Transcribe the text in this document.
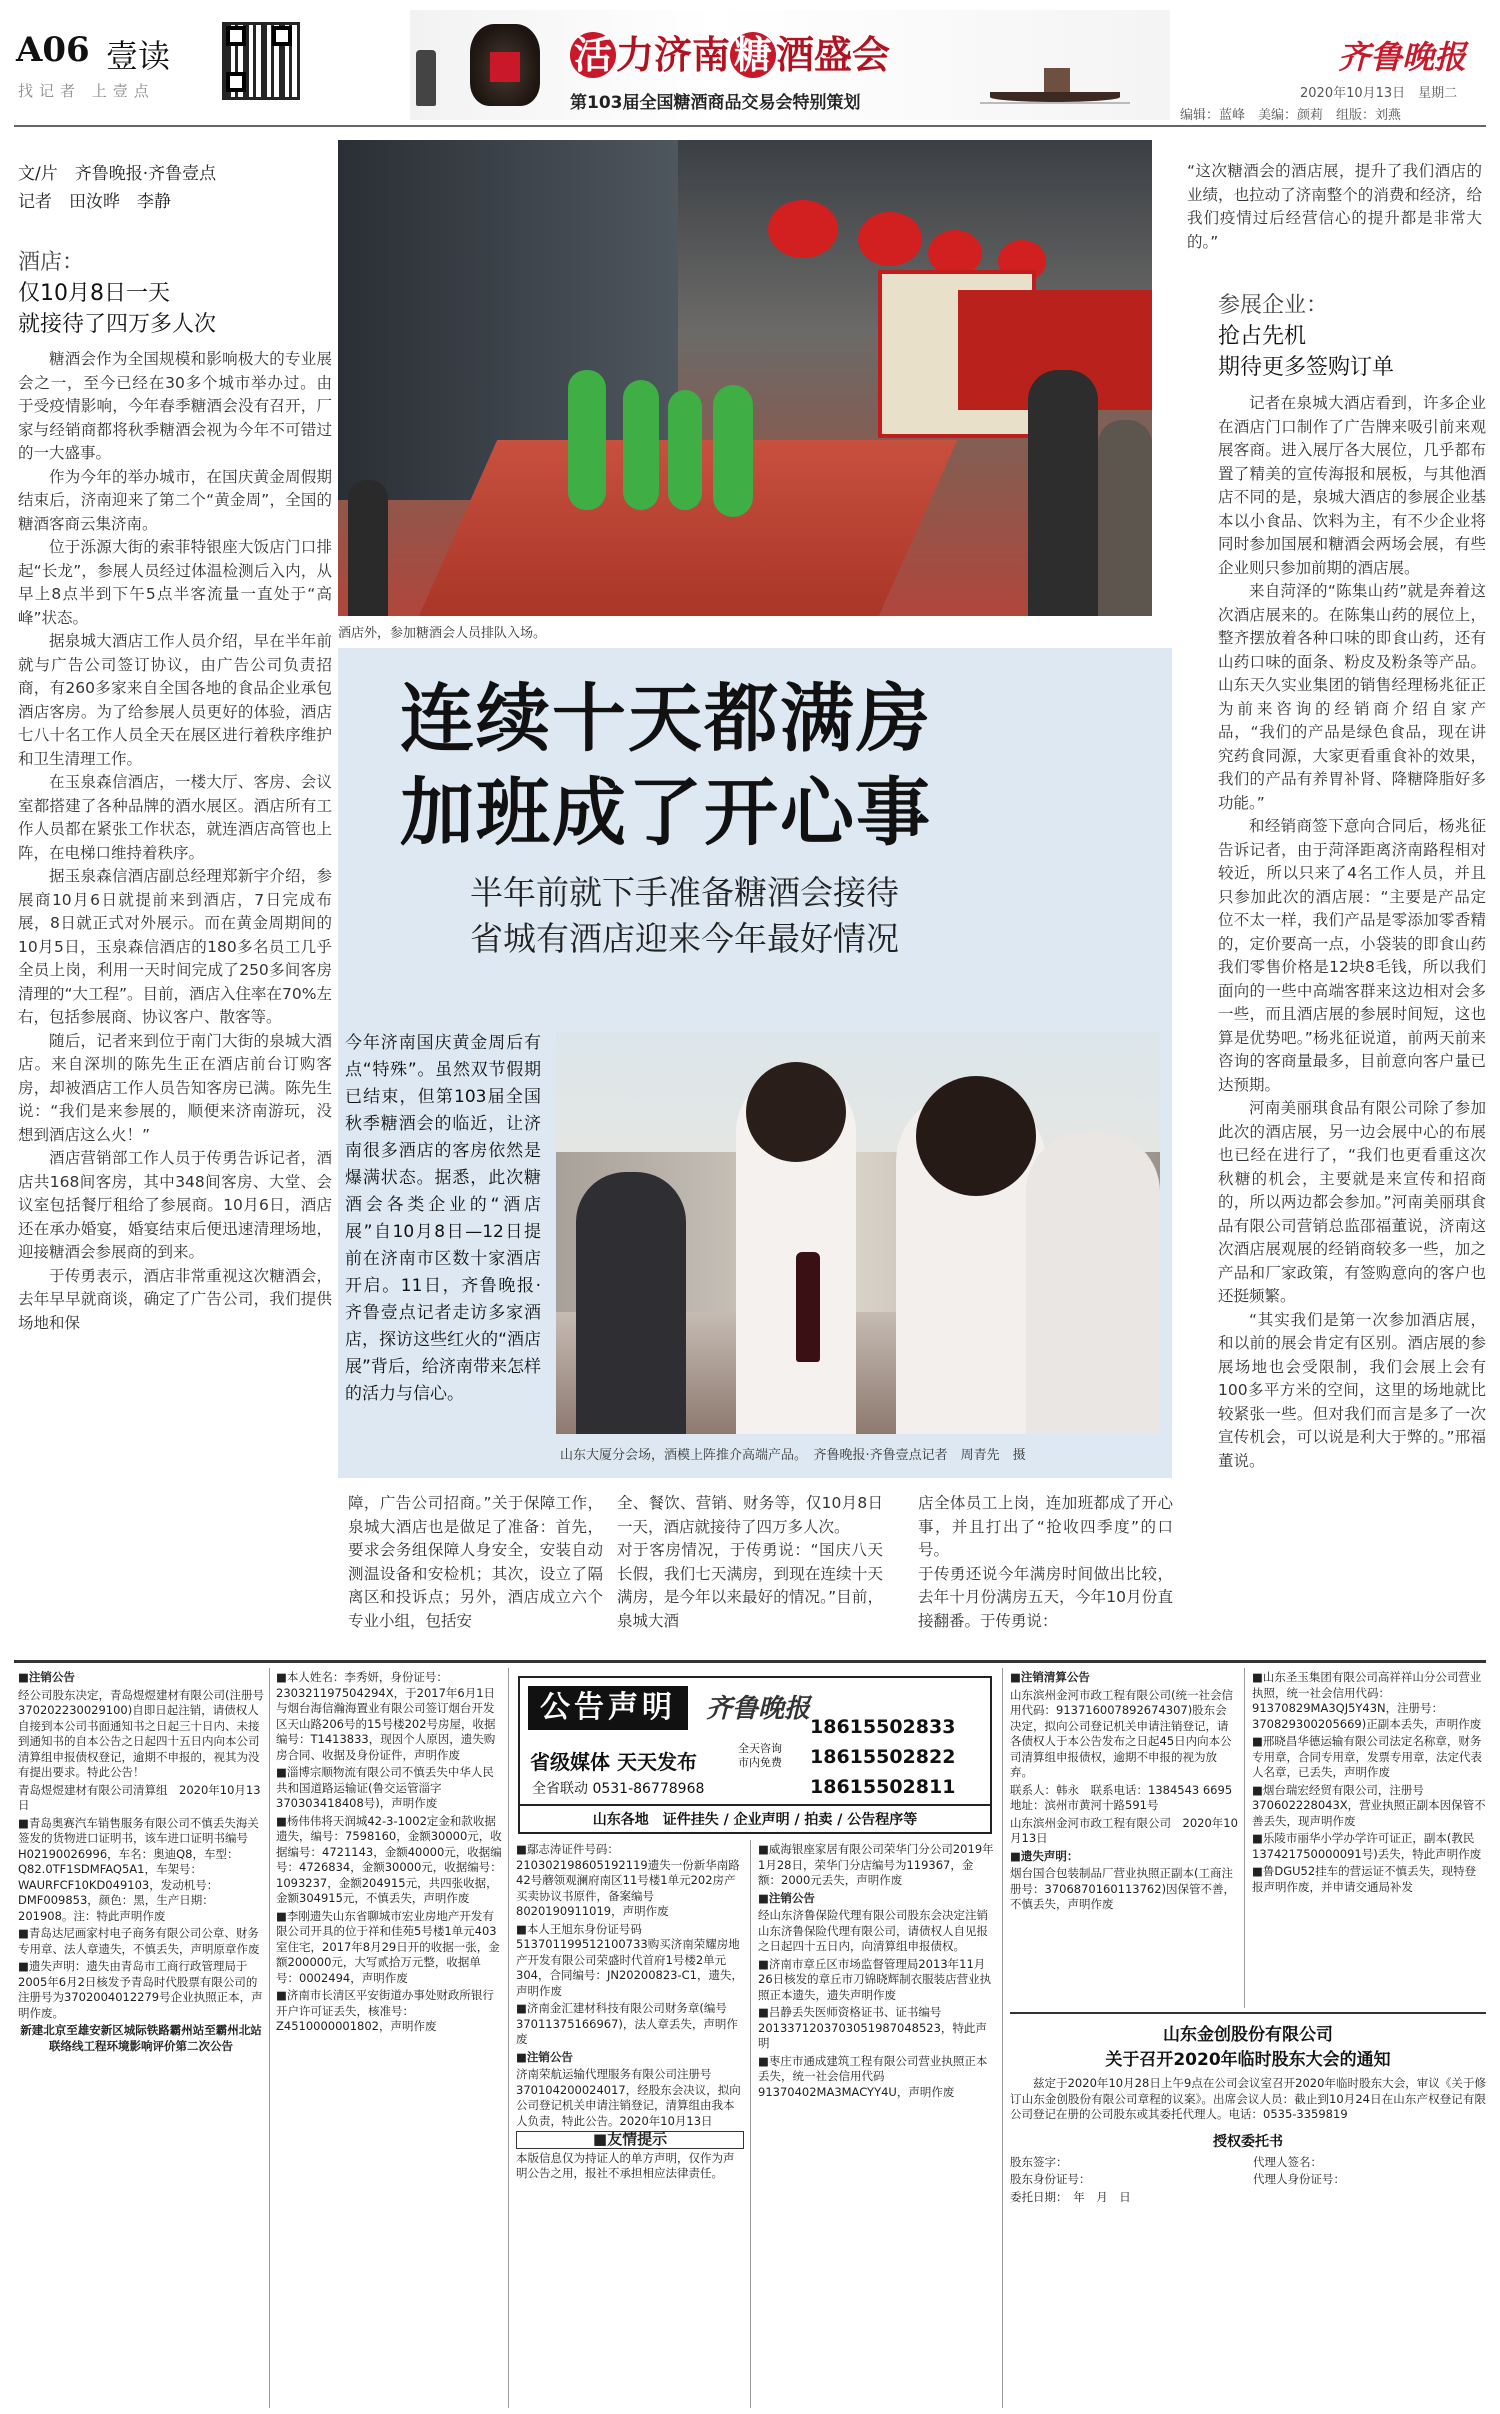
A06 壹读
找记者 上壹点
活 力济南 糖 酒盛会
第103届全国糖酒商品交易会特别策划
齐鲁晚报
2020年10月13日　星期二
编辑：蓝峰　美编：颜莉　组版：刘燕
文/片　齐鲁晚报·齐鲁壹点
记者　田汝晔　李静
酒店：
仅10月8日一天
就接待了四万多人次

糖酒会作为全国规模和影响极大的专业展会之一，至今已经在30多个城市举办过。由于受疫情影响，今年春季糖酒会没有召开，厂家与经销商都将秋季糖酒会视为今年不可错过的一大盛事。

作为今年的举办城市，在国庆黄金周假期结束后，济南迎来了第二个“黄金周”，全国的糖酒客商云集济南。

位于泺源大街的索菲特银座大饭店门口排起“长龙”，参展人员经过体温检测后入内，从早上8点半到下午5点半客流量一直处于“高峰”状态。

据泉城大酒店工作人员介绍，早在半年前就与广告公司签订协议，由广告公司负责招商，有260多家来自全国各地的食品企业承包酒店客房。为了给参展人员更好的体验，酒店七八十名工作人员全天在展区进行着秩序维护和卫生清理工作。

在玉泉森信酒店，一楼大厅、客房、会议室都搭建了各种品牌的酒水展区。酒店所有工作人员都在紧张工作状态，就连酒店高管也上阵，在电梯口维持着秩序。

据玉泉森信酒店副总经理郑新宇介绍，参展商10月6日就提前来到酒店，7日完成布展，8日就正式对外展示。而在黄金周期间的10月5日，玉泉森信酒店的180多名员工几乎全员上岗，利用一天时间完成了250多间客房清理的“大工程”。目前，酒店入住率在70%左右，包括参展商、协议客户、散客等。

随后，记者来到位于南门大街的泉城大酒店。来自深圳的陈先生正在酒店前台订购客房，却被酒店工作人员告知客房已满。陈先生说：“我们是来参展的，顺便来济南游玩，没想到酒店这么火！”

酒店营销部工作人员于传勇告诉记者，酒店共168间客房，其中348间客房、大堂、会议室包括餐厅租给了参展商。10月6日，酒店还在承办婚宴，婚宴结束后便迅速清理场地，迎接糖酒会参展商的到来。

于传勇表示，酒店非常重视这次糖酒会，去年早早就商谈，确定了广告公司，我们提供场地和保

酒店外，参加糖酒会人员排队入场。
连续十天都满房
加班成了开心事
半年前就下手准备糖酒会接待
省城有酒店迎来今年最好情况
今年济南国庆黄金周后有点“特殊”。虽然双节假期已结束，但第103届全国秋季糖酒会的临近，让济南很多酒店的客房依然是爆满状态。据悉，此次糖酒会各类企业的“酒店展”自10月8日—12日提前在济南市区数十家酒店开启。11日，齐鲁晚报·齐鲁壹点记者走访多家酒店，探访这些红火的“酒店展”背后，给济南带来怎样的活力与信心。
山东大厦分会场，酒模上阵推介高端产品。　齐鲁晚报·齐鲁壹点记者　周青先　摄

障，广告公司招商。”关于保障工作，泉城大酒店也是做足了准备：首先，要求会务组保障人身安全，安装自动测温设备和安检机；其次，设立了隔离区和投诉点；另外，酒店成立六个专业小组，包括安

全、餐饮、营销、财务等，仅10月8日一天，酒店就接待了四万多人次。
对于客房情况，于传勇说：“国庆八天长假，我们七天满房，到现在连续十天满房，是今年以来最好的情况。”目前，泉城大酒

店全体员工上岗，连加班都成了开心事，并且打出了“抢收四季度”的口号。
于传勇还说今年满房时间做出比较，去年十月份满房五天，今年10月份直接翻番。于传勇说：

“这次糖酒会的酒店展，提升了我们酒店的业绩，也拉动了济南整个的消费和经济，给我们疫情过后经营信心的提升都是非常大的。”
参展企业：
抢占先机
期待更多签购订单

记者在泉城大酒店看到，许多企业在酒店门口制作了广告牌来吸引前来观展客商。进入展厅各大展位，几乎都布置了精美的宣传海报和展板，与其他酒店不同的是，泉城大酒店的参展企业基本以小食品、饮料为主，有不少企业将同时参加国展和糖酒会两场会展，有些企业则只参加前期的酒店展。

来自菏泽的“陈集山药”就是奔着这次酒店展来的。在陈集山药的展位上，整齐摆放着各种口味的即食山药，还有山药口味的面条、粉皮及粉条等产品。山东天久实业集团的销售经理杨兆征正为前来咨询的经销商介绍自家产品，“我们的产品是绿色食品，现在讲究药食同源，大家更看重食补的效果，我们的产品有养胃补肾、降糖降脂好多功能。”

和经销商签下意向合同后，杨兆征告诉记者，由于菏泽距离济南路程相对较近，所以只来了4名工作人员，并且只参加此次的酒店展：“主要是产品定位不太一样，我们产品是零添加零香精的，定价要高一点，小袋装的即食山药我们零售价格是12块8毛钱，所以我们面向的一些中高端客群来这边相对会多一些，而且酒店展的参展时间短，这也算是优势吧。”杨兆征说道，前两天前来咨询的客商量最多，目前意向客户量已达预期。

河南美丽琪食品有限公司除了参加此次的酒店展，另一边会展中心的布展也已经在进行了，“我们也更看重这次秋糖的机会，主要就是来宣传和招商的，所以两边都会参加。”河南美丽琪食品有限公司营销总监邵福董说，济南这次酒店展观展的经销商较多一些，加之产品和厂家政策，有签购意向的客户也还挺频繁。

“其实我们是第一次参加酒店展，和以前的展会肯定有区别。酒店展的参展场地也会受限制，我们会展上会有100多平方米的空间，这里的场地就比较紧张一些。但对我们而言是多了一次宣传机会，可以说是利大于弊的。”邢福董说。

公告声明	齐鲁晚报
省级媒体 天天发布
全天咨询 市内免费
全省联动 0531-86778968
18615502833
18615502822
18615502811
山东各地　证件挂失 / 企业声明 / 拍卖 / 公告程序等

■注销公告

经公司股东决定，青岛煜煜建材有限公司(注册号 370202230029100)自即日起注销，请债权人自接到本公司书面通知书之日起三十日内、未接到通知书的自本公告之日起四十五日内向本公司清算组申报债权登记，逾期不申报的，视其为没有提出要求。特此公告！

青岛煜煜建材有限公司清算组　2020年10月13日

■青岛奥赛汽车销售服务有限公司不慎丢失海关签发的货物进口证明书，该车进口证明书编号H02190026996，车名：奥迪Q8，车型：Q82.0TF1SDMFAQ5A1，车架号：WAURFCF10KD049103，发动机号：DMF009853，颜色：黑，生产日期：201908。注：特此声明作废

■青岛达尼画家村电子商务有限公司公章、财务专用章、法人章遗失，不慎丢失，声明原章作废

■遗失声明：遗失由青岛市工商行政管理局于2005年6月2日核发予青岛时代股票有限公司的注册号为3702004012279号企业执照正本，声明作废。

新建北京至雄安新区城际铁路霸州站至霸州北站联络线工程环境影响评价第二次公告

■本人姓名：李秀妍，身份证号：230321197504294X，于2017年6月1日与烟台海信瀚海置业有限公司签订烟台开发区天山路206号的15号楼202号房屋，收据编号：T1413833，现因个人原因，遗失购房合同、收据及身份证件，声明作废

■淄博宗顺物流有限公司不慎丢失中华人民共和国道路运输证(鲁交运管淄字370303418408号)，声明作废

■杨伟伟将天润城42-3-1002定金和款收据遗失，编号：7598160，金额30000元，收据编号：4721143，金额40000元，收据编号：4726834，金额30000元，收据编号：1093237，金额204915元，共四张收据，金额304915元，不慎丢失，声明作废

■李刚遗失山东省聊城市宏业房地产开发有限公司开具的位于祥和佳苑5号楼1单元403室住宅，2017年8月29日开的收据一张，金额200000元，大写贰拾万元整，收据单号：0002494，声明作废

■济南市长清区平安街道办事处财政所银行开户许可证丢失，核准号：Z4510000001802，声明作废

■鄢志涛证件号码：210302198605192119遗失一份新华南路42号蘑领观澜府南区11号楼1单元202房产买卖协议书原件，备案编号8020190911019，声明作废

■本人王旭东身份证号码513701199512100733购买济南荣耀房地产开发有限公司荣盛时代首府1号楼2单元304，合同编号：JN20200823-C1，遗失，声明作废

■济南金汇建材科技有限公司财务章(编号37011375166967)，法人章丢失，声明作废

■注销公告

济南荣航运输代理服务有限公司注册号370104200024017，经股东会决议，拟向公司登记机关申请注销登记，清算组由我本人负责，特此公告。2020年10月13日

■友情提示

本版信息仅为持证人的单方声明，仅作为声明公告之用，报社不承担相应法律责任。

■威海银座家居有限公司荣华门分公司2019年1月28日，荣华门分店编号为119367，金额：2000元丢失，声明作废

■注销公告

经山东济鲁保险代理有限公司股东会决定注销山东济鲁保险代理有限公司，请债权人自见报之日起四十五日内，向清算组申报债权。

■济南市章丘区市场监督管理局2013年11月26日核发的章丘市刀锦晓辉制衣服装店营业执照正本遗失，遗失声明作废

■吕静丢失医师资格证书、证书编号2013371203703051987048523，特此声明

■枣庄市通成建筑工程有限公司营业执照正本丢失，统一社会信用代码91370402MA3MACYY4U，声明作废

■注销清算公告

山东滨州金河市政工程有限公司(统一社会信用代码：913716007892674307)股东会决定，拟向公司登记机关申请注销登记，请各债权人于本公告发布之日起45日内向本公司清算组申报债权，逾期不申报的视为放弃。

联系人：韩永　联系电话：1384543 6695　地址：滨州市黄河十路591号

山东滨州金河市政工程有限公司　2020年10月13日

■遗失声明：

烟台国合包装制品厂营业执照正副本(工商注册号：3706870160113762)因保管不善，不慎丢失，声明作废

■山东圣玉集团有限公司高祥祥山分公司营业执照，统一社会信用代码：91370829MA3QJ5Y43N，注册号：370829300205669)正副本丢失，声明作废

■邢晓昌华德运输有限公司法定名称章，财务专用章，合同专用章，发票专用章，法定代表人名章，已丢失，声明作废

■烟台瑞宏经贸有限公司，注册号370602228043X，营业执照正副本因保管不善丢失，现声明作废

■乐陵市丽华小学办学许可证正，副本(教民137421750000091号)丢失，特此声明作废

■鲁DGU52挂车的营运证不慎丢失，现特登报声明作废，并申请交通局补发

山东金创股份有限公司
关于召开2020年临时股东大会的通知
兹定于2020年10月28日上午9点在公司会议室召开2020年临时股东大会，审议《关于修订山东金创股份有限公司章程的议案》。出席会议人员：截止到10月24日在山东产权登记有限公司登记在册的公司股东或其委托代理人。电话：0535-3359819
授权委托书
股东签字：	代理人签名：
股东身份证号：	代理人身份证号：
委托日期：　年　月　日
